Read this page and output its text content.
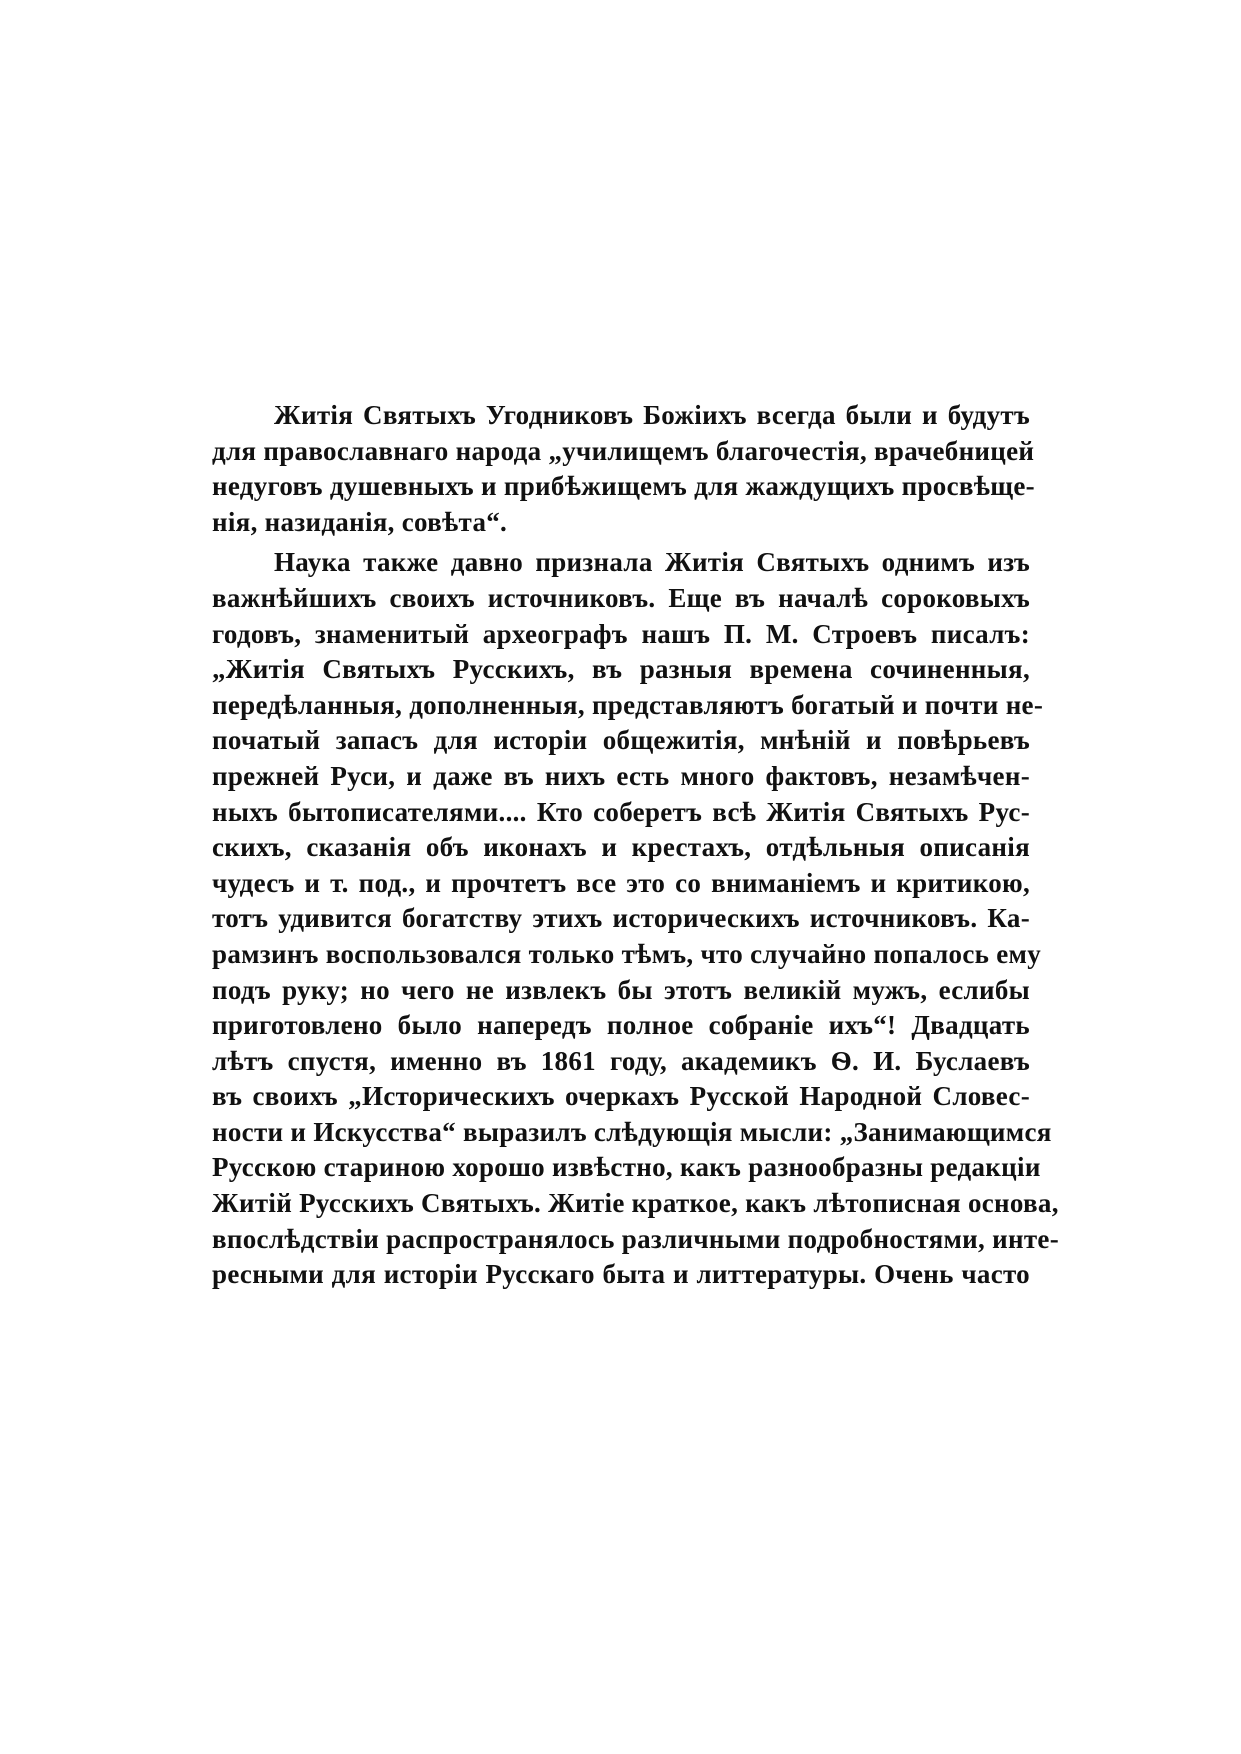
Житія Святыхъ Угодниковъ Божіихъ всегда были и будутъ
для православнаго народа „училищемъ благочестія, врачебницей
недуговъ душевныхъ и прибѣжищемъ для жаждущихъ просвѣще-
нія, назиданія, совѣта“.
Наука также давно признала Житія Святыхъ однимъ изъ
важнѣйшихъ своихъ источниковъ. Еще въ началѣ сороковыхъ
годовъ, знаменитый археографъ нашъ П. М. Строевъ писалъ:
„Житія Святыхъ Русскихъ, въ разныя времена сочиненныя,
передѣланныя, дополненныя, представляютъ богатый и почти не-
початый запасъ для исторіи общежитія, мнѣній и повѣрьевъ
прежней Руси, и даже въ нихъ есть много фактовъ, незамѣчен-
ныхъ бытописателями.... Кто соберетъ всѣ Житія Святыхъ Рус-
скихъ, сказанія объ иконахъ и крестахъ, отдѣльныя описанія
чудесъ и т. под., и прочтетъ все это со вниманіемъ и критикою,
тотъ удивится богатству этихъ историческихъ источниковъ. Ка-
рамзинъ воспользовался только тѣмъ, что случайно попалось ему
подъ руку; но чего не извлекъ бы этотъ великій мужъ, еслибы
приготовлено было напередъ полное собраніе ихъ“! Двадцать
лѣтъ спустя, именно въ 1861 году, академикъ Ѳ. И. Буслаевъ
въ своихъ „Историческихъ очеркахъ Русской Народной Словес-
ности и Искусства“ выразилъ слѣдующія мысли: „Занимающимся
Русскою стариною хорошо извѣстно, какъ разнообразны редакціи
Житій Русскихъ Святыхъ. Житіе краткое, какъ лѣтописная основа,
впослѣдствіи распространялось различными подробностями, инте-
ресными для исторіи Русскаго быта и литтературы. Очень часто
